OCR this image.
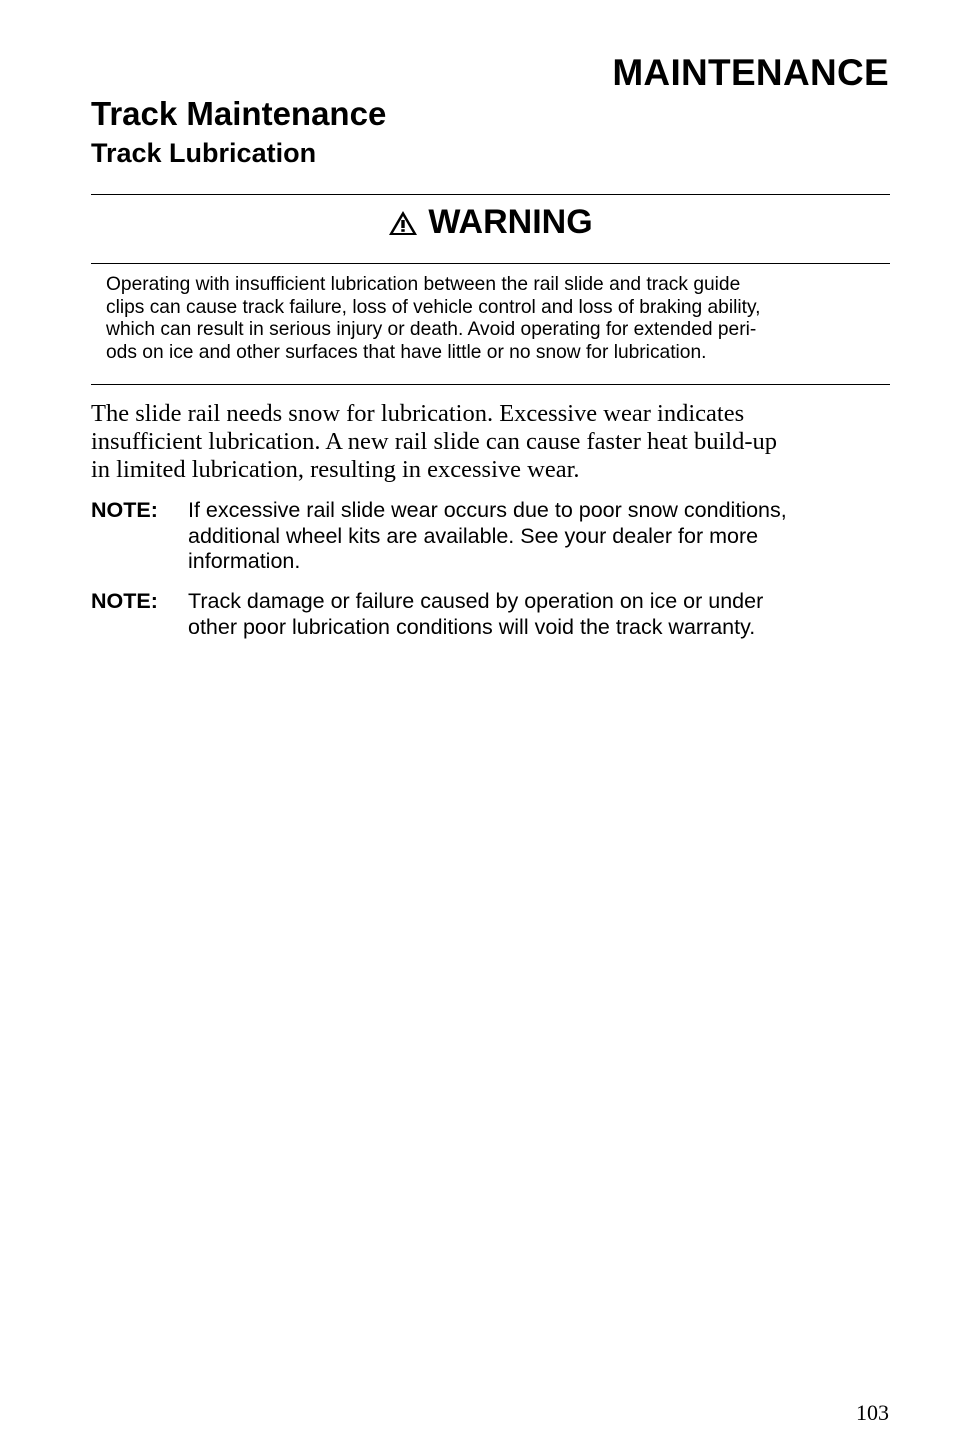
MAINTENANCE
Track Maintenance
Track Lubrication
WARNING
Operating with insufficient lubrication between the rail slide and track guide
clips can cause track failure, loss of vehicle control and loss of braking ability,
which can result in serious injury or death. Avoid operating for extended peri-
ods on ice and other surfaces that have little or no snow for lubrication.
The slide rail needs snow for lubrication. Excessive wear indicates
insufficient lubrication. A new rail slide can cause faster heat build-up
in limited lubrication, resulting in excessive wear.
NOTE: If excessive rail slide wear occurs due to poor snow conditions,
additional wheel kits are available. See your dealer for more
information.
NOTE: Track damage or failure caused by operation on ice or under
other poor lubrication conditions will void the track warranty.
103
